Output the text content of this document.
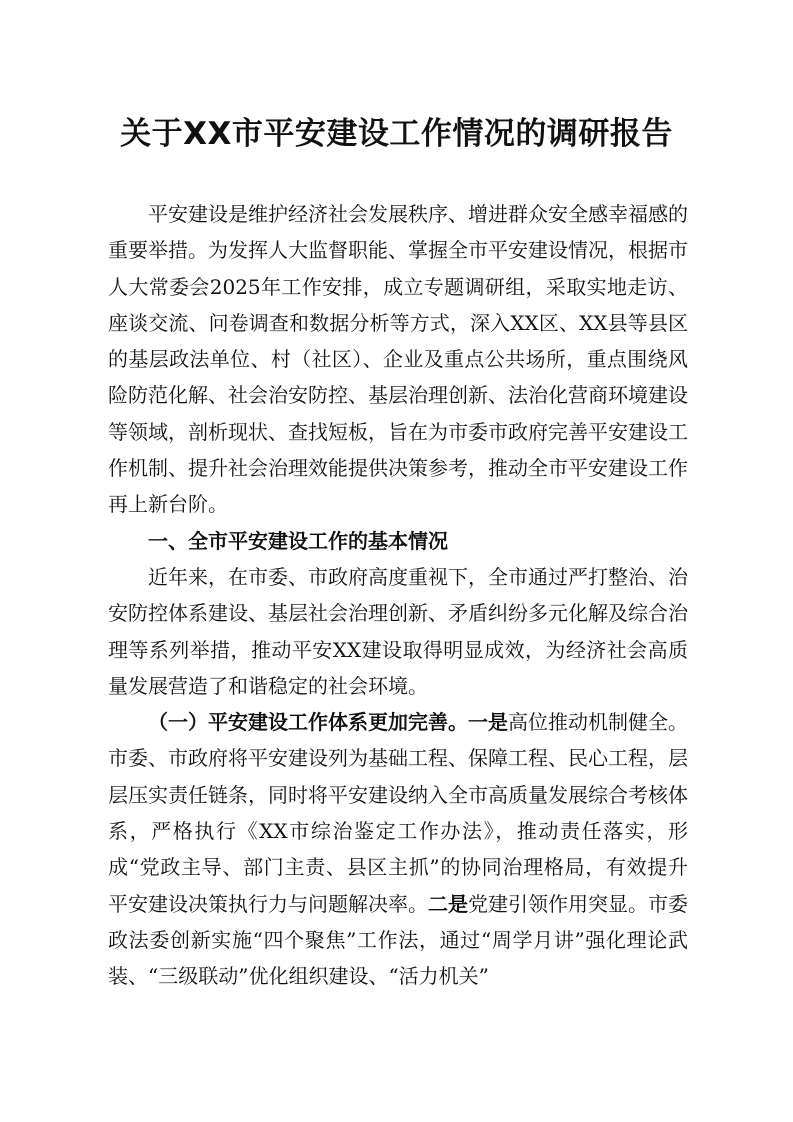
关于XX市平安建设工作情况的调研报告

平安建设是维护经济社会发展秩序、增进群众安全感幸福感的重要举措。为发挥人大监督职能、掌握全市平安建设情况，根据市人大常委会2025年工作安排，成立专题调研组，采取实地走访、座谈交流、问卷调查和数据分析等方式，深入XX区、XX县等县区的基层政法单位、村（社区）、企业及重点公共场所，重点围绕风险防范化解、社会治安防控、基层治理创新、法治化营商环境建设等领域，剖析现状、查找短板，旨在为市委市政府完善平安建设工作机制、提升社会治理效能提供决策参考，推动全市平安建设工作再上新台阶。

一、全市平安建设工作的基本情况

近年来，在市委、市政府高度重视下，全市通过严打整治、治安防控体系建设、基层社会治理创新、矛盾纠纷多元化解及综合治理等系列举措，推动平安XX建设取得明显成效，为经济社会高质量发展营造了和谐稳定的社会环境。

（一）平安建设工作体系更加完善。一是高位推动机制健全。市委、市政府将平安建设列为基础工程、保障工程、民心工程，层层压实责任链条，同时将平安建设纳入全市高质量发展综合考核体系，严格执行《XX市综治鉴定工作办法》，推动责任落实，形成“党政主导、部门主责、县区主抓”的协同治理格局，有效提升平安建设决策执行力与问题解决率。二是党建引领作用突显。市委政法委创新实施“四个聚焦”工作法，通过“周学月讲”强化理论武装、“三级联动”优化组织建设、“活力机关”
